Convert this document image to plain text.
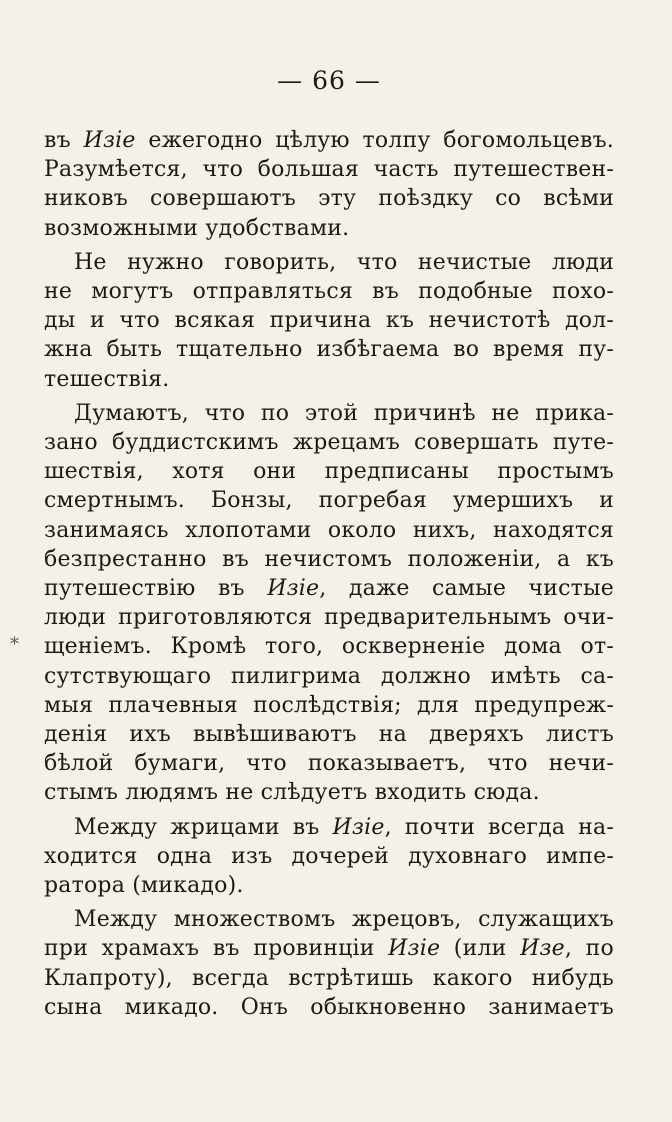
— 66 —

въ Изіе ежегодно цѣлую толпу богомольцевъ.
Разумѣется, что большая часть путешествен-
никовъ совершаютъ эту поѣздку со всѣми
возможными удобствами.

Не нужно говорить, что нечистые люди
не могутъ отправляться въ подобные похо-
ды и что всякая причина къ нечистотѣ дол-
жна быть тщательно избѣгаема во время пу-
тешествія.

Думаютъ, что по этой причинѣ не прика-
зано буддистскимъ жрецамъ совершать путе-
шествія, хотя они предписаны простымъ
смертнымъ. Бонзы, погребая умершихъ и
занимаясь хлопотами около нихъ, находятся
безпрестанно въ нечистомъ положеніи, а къ
путешествію въ Изіе, даже самые чистые
люди приготовляются предварительнымъ очи-
щеніемъ. Кромѣ того, оскверненіе дома от-
сутствующаго пилигрима должно имѣть са-
мыя плачевныя послѣдствія; для предупреж-
денія ихъ вывѣшиваютъ на дверяхъ листъ
бѣлой бумаги, что показываетъ, что нечи-
стымъ людямъ не слѣдуетъ входить сюда.

Между жрицами въ Изіе, почти всегда на-
ходится одна изъ дочерей духовнаго импе-
ратора (микадо).

Между множествомъ жрецовъ, служащихъ
при храмахъ въ провинціи Изіе (или Изе, по
Клапроту), всегда встрѣтишь какого нибудь
сына микадо. Онъ обыкновенно занимаетъ

*
